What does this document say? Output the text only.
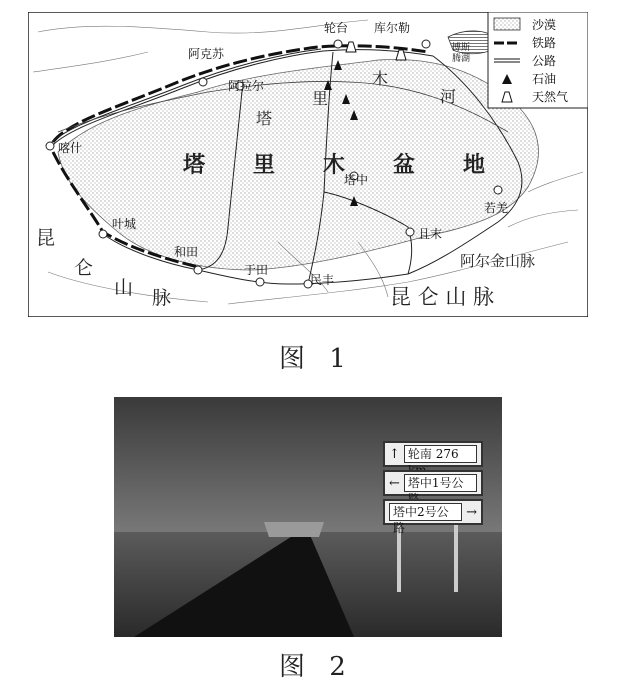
沙漠
铁路
公路
石油
天然气
轮台 库尔勒
阿克苏
阿拉尔
喀什
叶城
和田
于田
民丰
塔中
且末
若羌
博斯
腾湖
塔 里 木 盆 地
塔
里
木
河
昆
仑
山 脉	昆 仑 山 脉
阿尔金山脉
图 1
↑ 轮南 276
← 塔中1号公
塔中2号公路
→
图 2
